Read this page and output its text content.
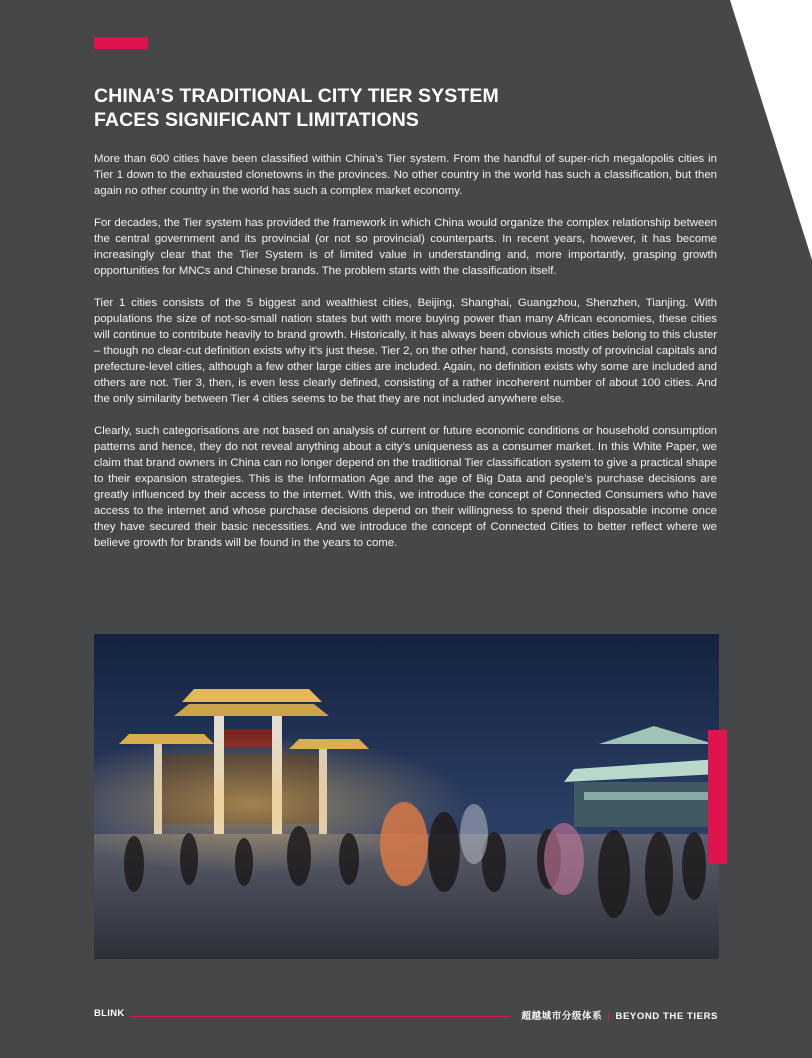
CHINA’S TRADITIONAL CITY TIER SYSTEM
FACES SIGNIFICANT LIMITATIONS

More than 600 cities have been classified within China’s Tier system. From the handful of super-rich megalopolis cities in Tier 1 down to the exhausted clonetowns in the provinces. No other country in the world has such a classification, but then again no other country in the world has such a complex market economy.

For decades, the Tier system has provided the framework in which China would organize the complex relationship between the central government and its provincial (or not so provincial) counterparts. In recent years, however, it has become increasingly clear that the Tier System is of limited value in understanding and, more importantly, grasping growth opportunities for MNCs and Chinese brands. The problem starts with the classification itself.

Tier 1 cities consists of the 5 biggest and wealthiest cities, Beijing, Shanghai, Guangzhou, Shenzhen, Tianjing. With populations the size of not-so-small nation states but with more buying power than many African economies, these cities will continue to contribute heavily to brand growth. Historically, it has always been obvious which cities belong to this cluster – though no clear-cut definition exists why it’s just these. Tier 2, on the other hand, consists mostly of provincial capitals and prefecture-level cities, although a few other large cities are included. Again, no definition exists why some are included and others are not. Tier 3, then, is even less clearly defined, consisting of a rather incoherent number of about 100 cities. And the only similarity between Tier 4 cities seems to be that they are not included anywhere else.

Clearly, such categorisations are not based on analysis of current or future economic conditions or household consumption patterns and hence, they do not reveal anything about a city’s uniqueness as a consumer market. In this White Paper, we claim that brand owners in China can no longer depend on the traditional Tier classification system to give a practical shape to their expansion strategies. This is the Information Age and the age of Big Data and people’s purchase decisions are greatly influenced by their access to the internet. With this, we introduce the concept of Connected Consumers who have access to the internet and whose purchase decisions depend on their willingness to spend their disposable income once they have secured their basic necessities. And we introduce the concept of Connected Cities to better reflect where we believe growth for brands will be found in the years to come.

BLINK	超越城市分级体系 | BEYOND THE TIERS
